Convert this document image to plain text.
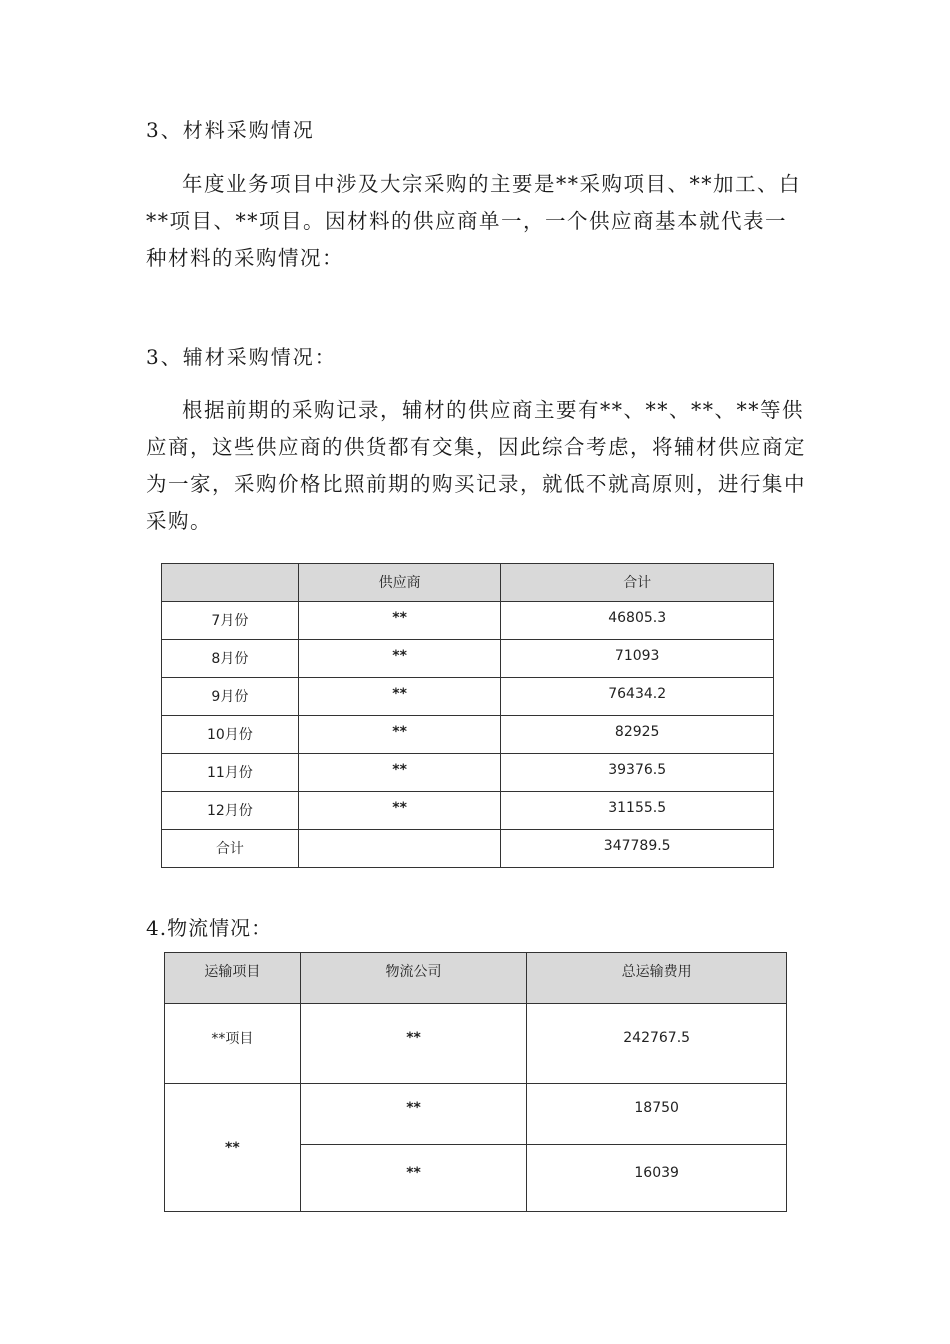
3、材料采购情况

年度业务项目中涉及大宗采购的主要是**采购项目、**加工、白**项目、**项目。因材料的供应商单一，一个供应商基本就代表一种材料的采购情况：

3、辅材采购情况：

根据前期的采购记录，辅材的供应商主要有**、**、**、**等供应商，这些供应商的供货都有交集，因此综合考虑，将辅材供应商定为一家，采购价格比照前期的购买记录，就低不就高原则，进行集中采购。

	供应商	合计
7月份	**	46805.3
8月份	**	71093
9月份	**	76434.2
10月份	**	82925
11月份	**	39376.5
12月份	**	31155.5
合计		347789.5
4.物流情况：
运输项目	物流公司	总运输费用
**项目	**	242767.5
**	**	18750
	**	16039
